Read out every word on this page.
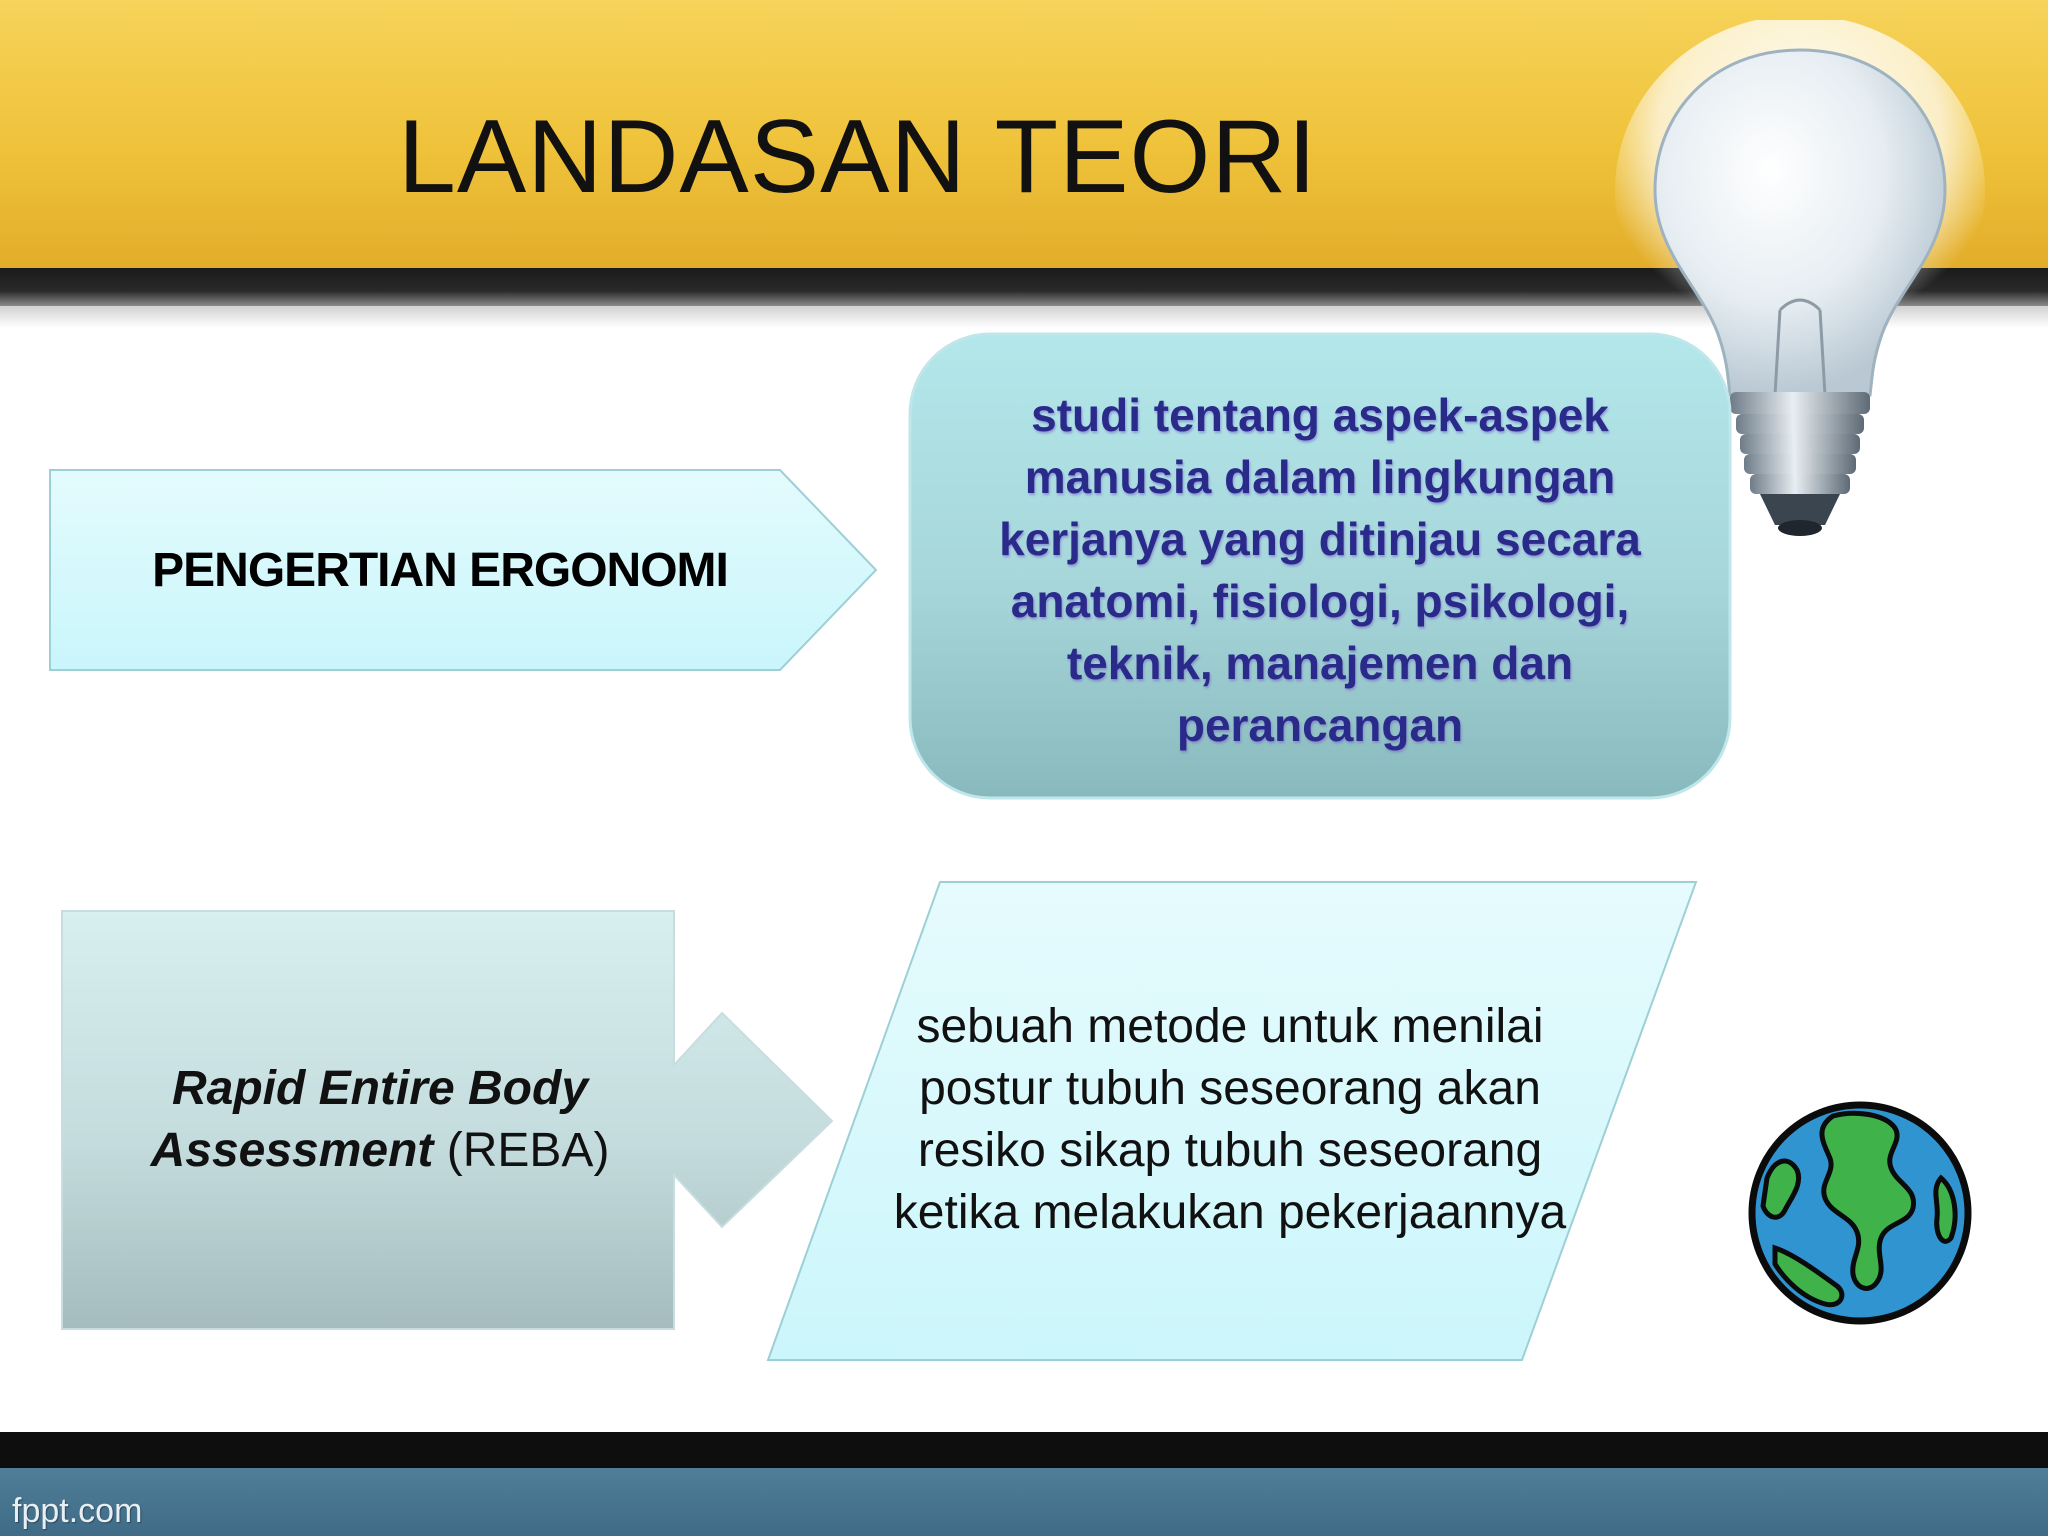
LANDASAN TEORI
PENGERTIAN ERGONOMI
studi tentang aspek-aspek manusia dalam lingkungan kerjanya yang ditinjau secara anatomi, fisiologi, psikologi, teknik, manajemen dan perancangan
Rapid Entire Body Assessment (REBA)
sebuah metode untuk menilai postur tubuh seseorang akan resiko sikap tubuh seseorang ketika melakukan pekerjaannya
fppt.com
